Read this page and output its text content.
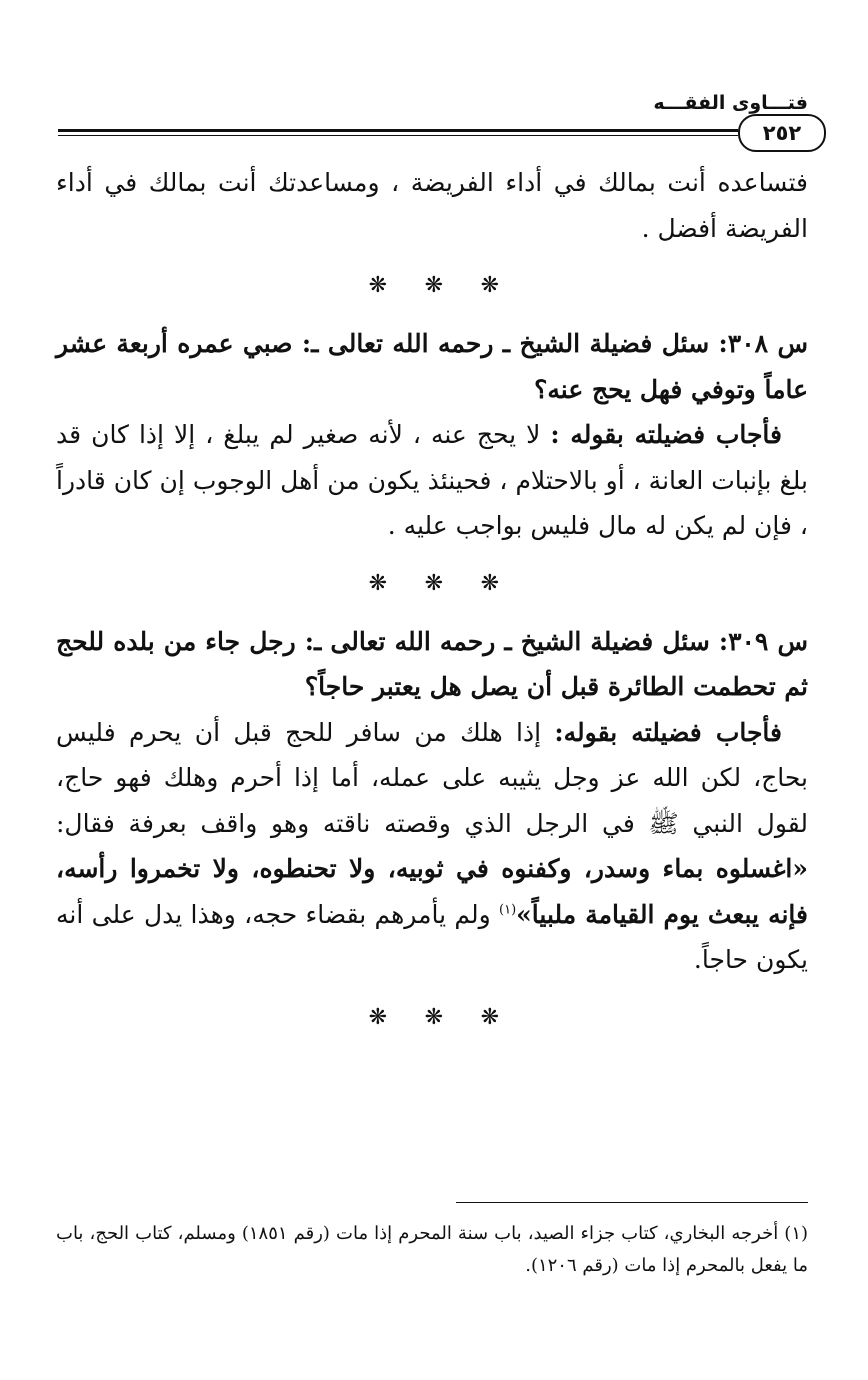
فتـــاوى الفقـــه
٢٥٢

فتساعده أنت بمالك في أداء الفريضة ، ومساعدتك أنت بمالك في أداء الفريضة أفضل .

❋ ❋ ❋

س ٣٠٨: سئل فضيلة الشيخ ـ رحمه الله تعالى ـ: صبي عمره أربعة عشر عاماً وتوفي فهل يحج عنه؟

فأجاب فضيلته بقوله : لا يحج عنه ، لأنه صغير لم يبلغ ، إلا إذا كان قد بلغ بإنبات العانة ، أو بالاحتلام ، فحينئذ يكون من أهل الوجوب إن كان قادراً ، فإن لم يكن له مال فليس بواجب عليه .

❋ ❋ ❋

س ٣٠٩: سئل فضيلة الشيخ ـ رحمه الله تعالى ـ: رجل جاء من بلده للحج ثم تحطمت الطائرة قبل أن يصل هل يعتبر حاجاً؟

فأجاب فضيلته بقوله: إذا هلك من سافر للحج قبل أن يحرم فليس بحاج، لكن الله عز وجل يثيبه على عمله، أما إذا أحرم وهلك فهو حاج، لقول النبي ﷺ في الرجل الذي وقصته ناقته وهو واقف بعرفة فقال: «اغسلوه بماء وسدر، وكفنوه في ثوبيه، ولا تحنطوه، ولا تخمروا رأسه، فإنه يبعث يوم القيامة ملبياً»$^{(١)}$ ولم يأمرهم بقضاء حجه، وهذا يدل على أنه يكون حاجاً.

❋ ❋ ❋

(١) أخرجه البخاري، كتاب جزاء الصيد، باب سنة المحرم إذا مات (رقم ١٨٥١) ومسلم، كتاب الحج، باب ما يفعل بالمحرم إذا مات (رقم ١٢٠٦).
